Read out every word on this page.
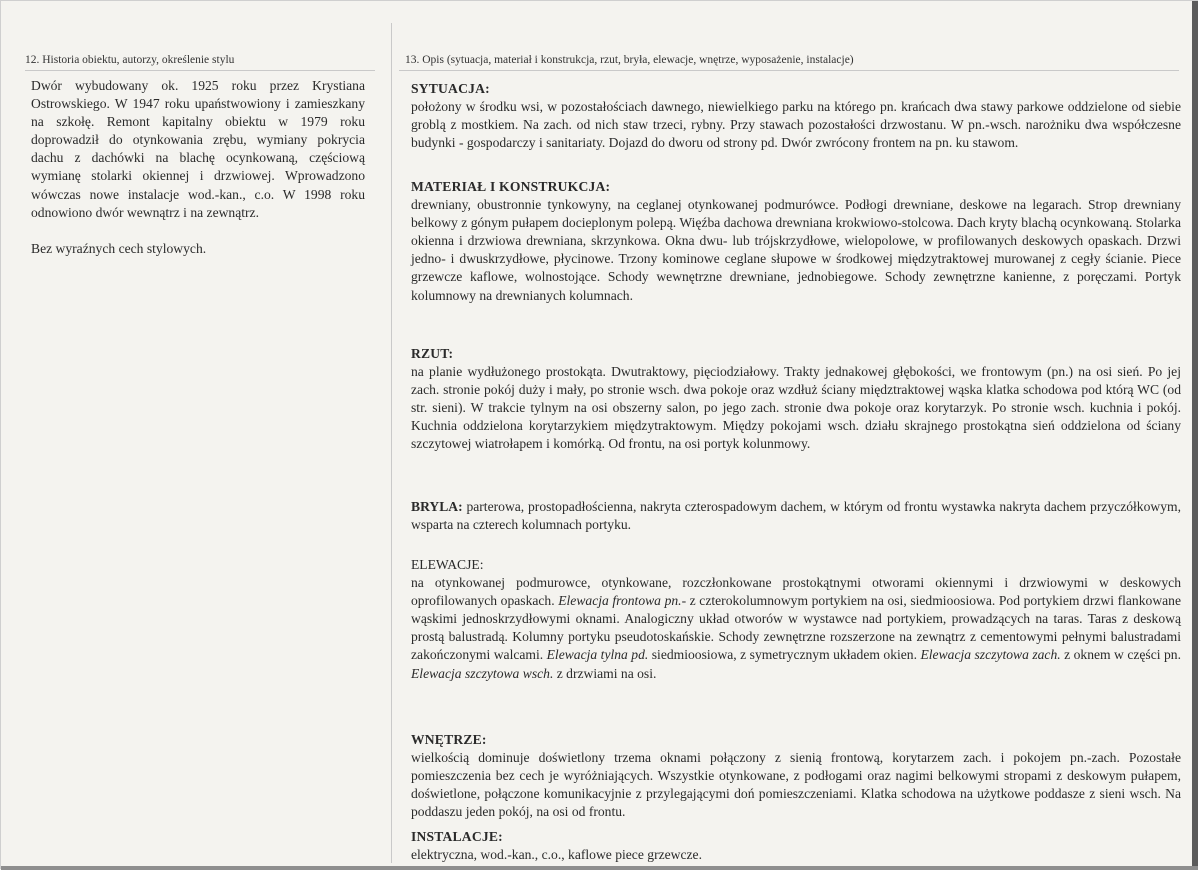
12. Historia obiektu, autorzy, określenie stylu

Dwór wybudowany ok. 1925 roku przez Krystiana Ostrowskiego. W 1947 roku upaństwowiony i zamieszkany na szkołę. Remont kapitalny obiektu w 1979 roku doprowadził do otynkowania zrębu, wymiany pokrycia dachu z dachówki na blachę ocynkowaną, częściową wymianę stolarki okiennej i drzwiowej. Wprowadzono wówczas nowe instalacje wod.-kan., c.o. W 1998 roku odnowiono dwór wewnątrz i na zewnątrz.

Bez wyraźnych cech stylowych.

13. Opis (sytuacja, materiał i konstrukcja, rzut, bryła, elewacje, wnętrze, wyposażenie, instalacje)
SYTUACJA:
położony w środku wsi, w pozostałościach dawnego, niewielkiego parku na którego pn. krańcach dwa stawy parkowe oddzielone od siebie groblą z mostkiem. Na zach. od nich staw trzeci, rybny. Przy stawach pozostałości drzwostanu. W pn.-wsch. narożniku dwa współczesne budynki - gospodarczy i sanitariaty. Dojazd do dworu od strony pd. Dwór zwrócony frontem na pn. ku stawom.
MATERIAŁ I KONSTRUKCJA:
drewniany, obustronnie tynkowyny, na ceglanej otynkowanej podmurówce. Podłogi drewniane, deskowe na legarach. Strop drewniany belkowy z gónym pułapem docieplonym polepą. Więźba dachowa drewniana krokwiowo-stolcowa. Dach kryty blachą ocynkowaną. Stolarka okienna i drzwiowa drewniana, skrzynkowa. Okna dwu- lub trójskrzydłowe, wielopolowe, w profilowanych deskowych opaskach. Drzwi jedno- i dwuskrzydłowe, płycinowe. Trzony kominowe ceglane słupowe w środkowej międzytraktowej murowanej z cegły ścianie. Piece grzewcze kaflowe, wolnostojące. Schody wewnętrzne drewniane, jednobiegowe. Schody zewnętrzne kanienne, z poręczami. Portyk kolumnowy na drewnianych kolumnach.
RZUT:
na planie wydłużonego prostokąta. Dwutraktowy, pięciodziałowy. Trakty jednakowej głębokości, we frontowym (pn.) na osi sień. Po jej zach. stronie pokój duży i mały, po stronie wsch. dwa pokoje oraz wzdłuż ściany międztraktowej wąska klatka schodowa pod którą WC (od str. sieni). W trakcie tylnym na osi obszerny salon, po jego zach. stronie dwa pokoje oraz korytarzyk. Po stronie wsch. kuchnia i pokój. Kuchnia oddzielona korytarzykiem międzytraktowym. Między pokojami wsch. działu skrajnego prostokątna sień oddzielona od ściany szczytowej wiatrołapem i komórką. Od frontu, na osi portyk kolunmowy.
BRYLA: parterowa, prostopadłościenna, nakryta czterospadowym dachem, w którym od frontu wystawka nakryta dachem przyczółkowym, wsparta na czterech kolumnach portyku.
ELEWACJE:
na otynkowanej podmurowce, otynkowane, rozczłonkowane prostokątnymi otworami okiennymi i drzwiowymi w deskowych oprofilowanych opaskach. Elewacja frontowa pn.- z czterokolumnowym portykiem na osi, siedmioosiowa. Pod portykiem drzwi flankowane wąskimi jednoskrzydłowymi oknami. Analogiczny układ otworów w wystawce nad portykiem, prowadzących na taras. Taras z deskową prostą balustradą. Kolumny portyku pseudotoskańskie. Schody zewnętrzne rozszerzone na zewnątrz z cementowymi pełnymi balustradami zakończonymi walcami. Elewacja tylna pd. siedmioosiowa, z symetrycznym układem okien. Elewacja szczytowa zach. z oknem w części pn. Elewacja szczytowa wsch. z drzwiami na osi.
WNĘTRZE:
wielkością dominuje doświetlony trzema oknami połączony z sienią frontową, korytarzem zach. i pokojem pn.-zach. Pozostałe pomieszczenia bez cech je wyróżniających. Wszystkie otynkowane, z podłogami oraz nagimi belkowymi stropami z deskowym pułapem, doświetlone, połączone komunikacyjnie z przylegającymi doń pomieszczeniami. Klatka schodowa na użytkowe poddasze z sieni wsch. Na poddaszu jeden pokój, na osi od frontu.
INSTALACJE:
elektryczna, wod.-kan., c.o., kaflowe piece grzewcze.
